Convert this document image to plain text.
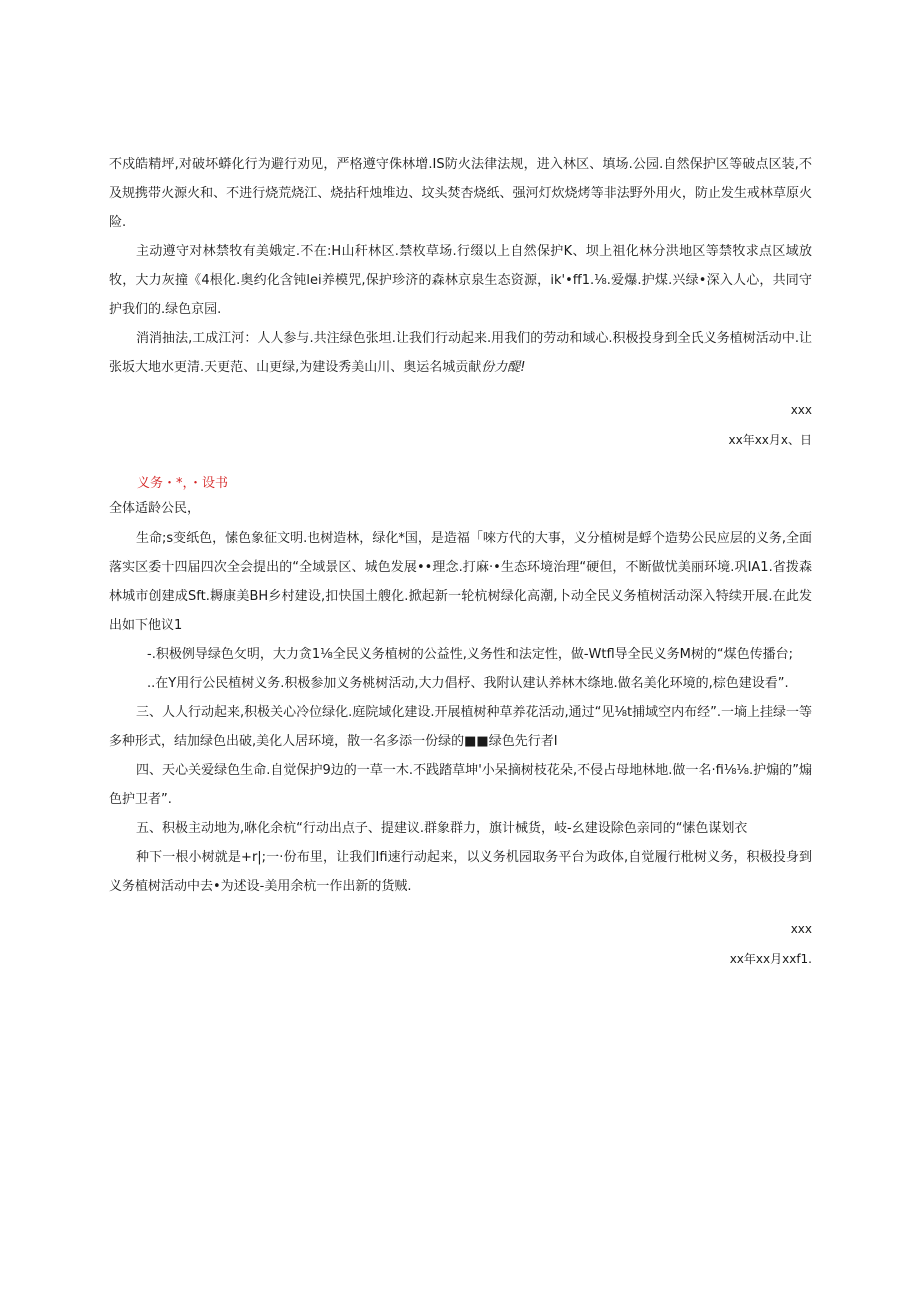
不戍皓精坪,对破坏蟒化行为避行劝见，严格遵守侏林增.IS防火法律法规，进入林区、填场.公园.自然保护区等破点区装,不及规携带火源火和、不进行烧荒烧江、烧拈秆烛堆边、坟头焚杏烧纸、强河灯炊烧烤等非法野外用火，防止发生戒林草原火险.

主动遵守对林禁牧有美娥定.不在:H山秆林区.禁枚草场.行缀以上自然保护K、坝上祖化林分洪地区等禁牧求点区域放牧，大力灰撞《4根化.奥约化含钝lei养模咒,保护珍济的森林京泉生态资源，ik'•ff1.⅛.爱爆.护煤.兴绿•深入人心，共同守护我们的.绿色京园.

消消抽法,工成江河：人人参与.共注绿色张坦.让我们行动起来.用我们的劳动和域心.积极投身到全氏义务植树活动中.让张坂大地水更清.天更范、山更绿,为建设秀美山川、奥运名城贡献份力醍!

xxx

xx年xx月x、日

义务・*，・设书

全体适龄公民，

生命;s变纸色，愫色象征文明.也树造林，绿化*国，是造福「唻方代的大事，义分植树是蜉个造势公民应层的义务,全面落实区委十四届四次全会提出的“全域景区、城色发展••理念.打麻·•生态环境治理“硬但，不断做忧美丽环境.巩IA1.省拨森林城市创建成Sft.耨康美BH乡村建设,扣快国土艘化.掀起新一轮杭树绿化高潮,卜动全民义务植树活动深入特续开展.在此发出如下他议1

-.积极例导绿色攵明，大力贪1⅛全民义务植树的公益性,义务性和法定性，做-Wtfl导全民义务M树的“煤色传播台;

..在Y用行公民植树义务.积极参加义务桃树活动,大力倡杼、我附认建认养林木绦地.做名美化环境的,棕色建设看”.

三、人人行动起来,积极关心冷位绿化.庭院域化建设.开展植树种草养花活动,通过“见⅛t捕域空内布经”.一墒上挂绿一等多种形式，结加绿色出破,美化人居环境，散一名多添一份绿的■■绿色先行者I

四、天心关爱绿色生命.自觉保护9边的一草一木.不践踏草坤'小呆摘树枝花朵,不侵占母地林地.做一名·fi⅛⅛.护煽的”煽色护卫者”.

五、积极主动地为,咻化余杭“行动出点子、提建议.群象群力，旗计械货，岐-幺建设除色亲同的“愫色谋划衣

种下一根小树就是+r|;一·份布里，让我们Ifi速行动起来，以义务机园取务平台为政体,自觉履行枇树义务，积极投身到义务植树活动中去•为述设-美用余杭一作出新的货贼.

xxx

xx年xx月xxf1.
